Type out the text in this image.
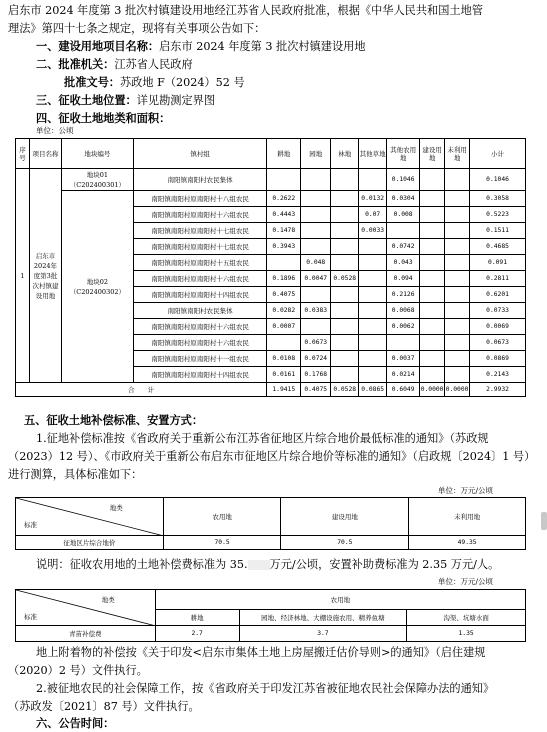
启东市 2024 年度第 3 批次村镇建设用地经江苏省人民政府批准，根据《中华人民共和国土地管
理法》第四十七条之规定，现将有关事项公告如下：
一、建设用地项目名称：启东市 2024 年度第 3 批次村镇建设用地
二、批准机关：江苏省人民政府
批准文号：苏政地 F（2024）52 号
三、征收土地位置：详见勘测定界图
四、征收土地地类和面积：
单位：公顷
序号	项目名称	地块编号	镇村组	耕地	园地	林地	其他草地	其他农用地	建设用地	未利用地	小计
1	启东市2024年度第3批次村镇建设用地	地块01（C202400301）	南阳镇南阳村农民集体					0.1046			0.1046
		地块02（C202400302）	南阳镇南阳村原南阳村十八组农民	0.2622			0.0132	0.0304			0.3058
			南阳镇南阳村原南阳村十六组农民	0.4443			0.07	0.008			0.5223
			南阳镇南阳村原南阳村十七组农民	0.1478			0.0033				0.1511
			南阳镇南阳村原南阳村十七组农民	0.3943				0.0742			0.4685
			南阳镇南阳村原南阳村十五组农民		0.048			0.043			0.091
			南阳镇南阳村原南阳村十六组农民	0.1896	0.0047	0.0528		0.094			0.2811
			南阳镇南阳村原南阳村十四组农民	0.4075				0.2126			0.6201
			南阳镇南阳村农民集体	0.0282	0.0383			0.0068			0.0733
			南阳镇南阳村原南阳村十六组农民	0.0007				0.0062			0.0069
			南阳镇南阳村原南阳村十六组农民		0.0673						0.0673
			南阳镇南阳村原南阳村十一组农民	0.0108	0.0724			0.0037			0.0869
			南阳镇南阳村原南阳村十四组农民	0.0161	0.1768			0.0214			0.2143
合　　计				1.9415	0.4075	0.0528	0.0865	0.6049	0.0000	0.0000	2.9932
五、征收土地补偿标准、安置方式：
1.征地补偿标准按《省政府关于重新公布江苏省征地区片综合地价最低标准的通知》（苏政规
（2023）12 号）、《市政府关于重新公布启东市征地区片综合地价等标准的通知》（启政规〔2024〕1 号）
进行测算，具体标准如下：
单位：万元/公顷
地类
标准	农用地	建设用地	未利用地
征地区片综合地价	70.5	70.5	49.35
说明：征收农用地的土地补偿费标准为 35. 万元/公顷，安置补助费标准为 2.35 万元/人。
单位：万元/公顷
地类
标准	农用地		
	耕地	园地、经济林地、大棚设施农用、精养鱼塘	沟渠、坑塘水面
青苗补偿费	2.7	3.7	1.35
地上附着物的补偿按《关于印发<启东市集体土地上房屋搬迁估价导则>的通知》（启住建规
（2020）2 号）文件执行。
2.被征地农民的社会保障工作，按《省政府关于印发江苏省被征地农民社会保障办法的通知》
（苏政发〔2021〕87 号）文件执行。
六、公告时间：
